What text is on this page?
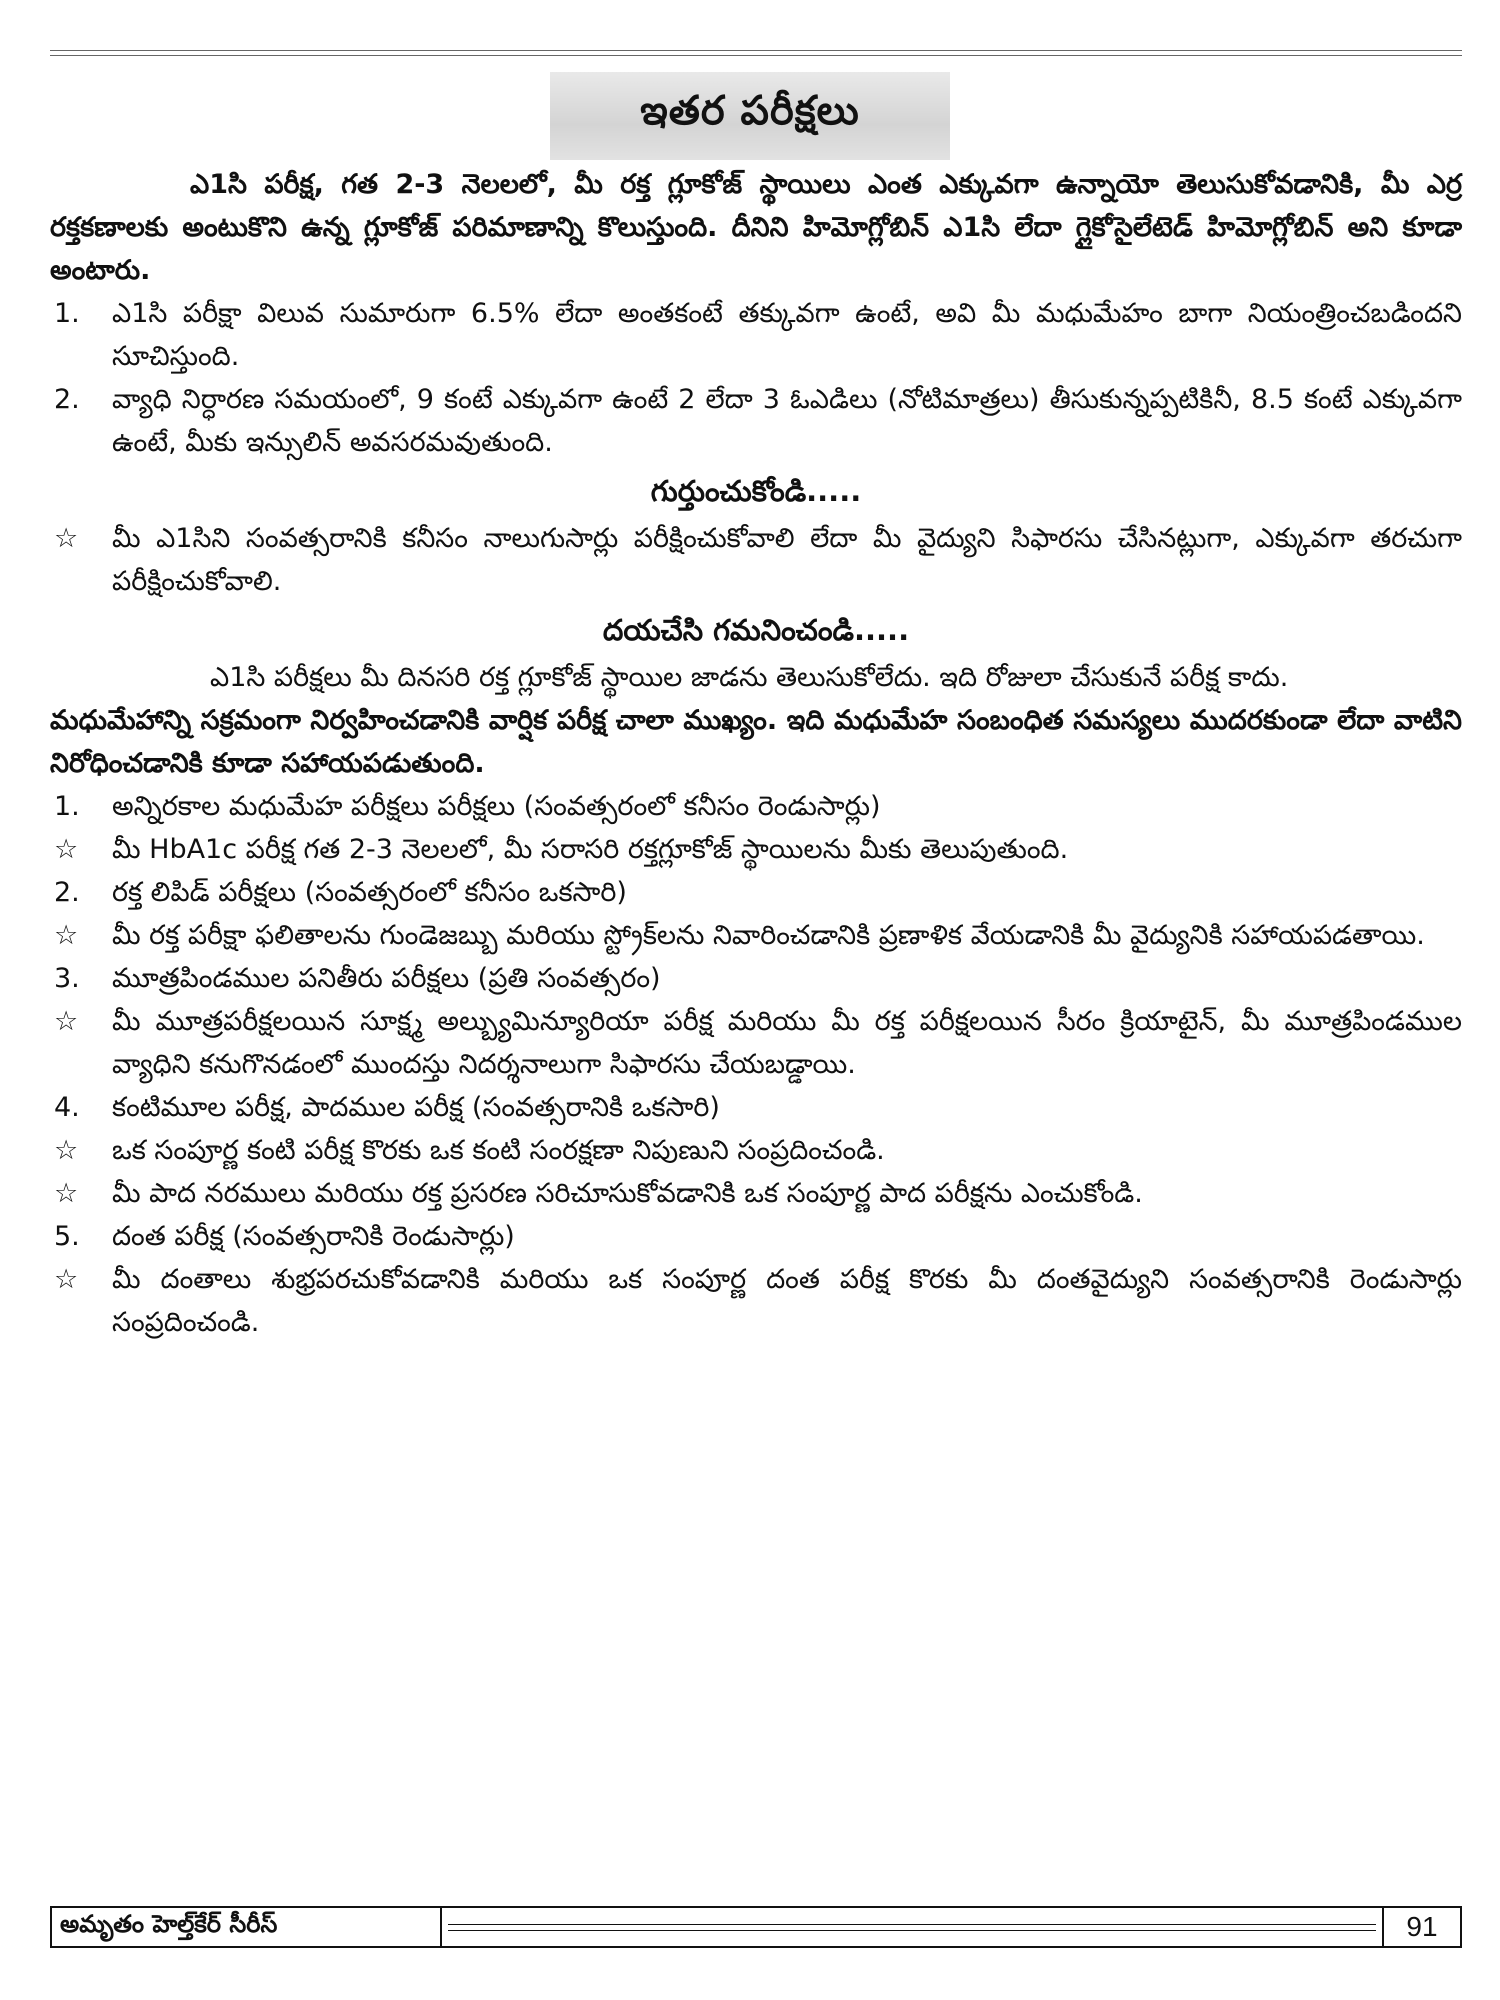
ఇతర పరీక్షలు

ఎ1సి పరీక్ష, గత 2-3 నెలలలో, మీ రక్త గ్లూకోజ్ స్థాయిలు ఎంత ఎక్కువగా ఉన్నాయో తెలుసుకోవడానికి, మీ ఎర్ర రక్తకణాలకు అంటుకొని ఉన్న గ్లూకోజ్ పరిమాణాన్ని కొలుస్తుంది. దీనిని హిమోగ్లోబిన్ ఎ1సి లేదా గ్లైకోసైలేటెడ్ హిమోగ్లోబిన్ అని కూడా అంటారు.

1.	ఎ1సి పరీక్షా విలువ సుమారుగా 6.5% లేదా అంతకంటే తక్కువగా ఉంటే, అవి మీ మధుమేహం బాగా నియంత్రించబడిందని సూచిస్తుంది.
2.	వ్యాధి నిర్ధారణ సమయంలో, 9 కంటే ఎక్కువగా ఉంటే 2 లేదా 3 ఓఎడిలు (నోటిమాత్రలు) తీసుకున్నప్పటికినీ, 8.5 కంటే ఎక్కువగా ఉంటే, మీకు ఇన్సులిన్ అవసరమవుతుంది.
గుర్తుంచుకోండి.....
☆	మీ ఎ1సిని సంవత్సరానికి కనీసం నాలుగుసార్లు పరీక్షించుకోవాలి లేదా మీ వైద్యుని సిఫారసు చేసినట్లుగా, ఎక్కువగా తరచుగా పరీక్షించుకోవాలి.
దయచేసి గమనించండి.....

ఎ1సి పరీక్షలు మీ దినసరి రక్త గ్లూకోజ్ స్థాయిల జాడను తెలుసుకోలేదు. ఇది రోజులా చేసుకునే పరీక్ష కాదు.

మధుమేహాన్ని సక్రమంగా నిర్వహించడానికి వార్షిక పరీక్ష చాలా ముఖ్యం. ఇది మధుమేహ సంబంధిత సమస్యలు ముదరకుండా లేదా వాటిని నిరోధించడానికి కూడా సహాయపడుతుంది.

1.	అన్నిరకాల మధుమేహ పరీక్షలు పరీక్షలు (సంవత్సరంలో కనీసం రెండుసార్లు)
☆	మీ HbA1c పరీక్ష గత 2-3 నెలలలో, మీ సరాసరి రక్తగ్లూకోజ్ స్థాయిలను మీకు తెలుపుతుంది.
2.	రక్త లిపిడ్ పరీక్షలు (సంవత్సరంలో కనీసం ఒకసారి)
☆	మీ రక్త పరీక్షా ఫలితాలను గుండెజబ్బు మరియు స్ట్రోక్‌లను నివారించడానికి ప్రణాళిక వేయడానికి మీ వైద్యునికి సహాయపడతాయి.
3.	మూత్రపిండముల పనితీరు పరీక్షలు (ప్రతి సంవత్సరం)
☆	మీ మూత్రపరీక్షలయిన సూక్ష్మ అల్బ్యుమిన్యూరియా పరీక్ష మరియు మీ రక్త పరీక్షలయిన సీరం క్రియాటైన్, మీ మూత్రపిండముల వ్యాధిని కనుగొనడంలో ముందస్తు నిదర్శనాలుగా సిఫారసు చేయబడ్డాయి.
4.	కంటిమూల పరీక్ష, పాదముల పరీక్ష (సంవత్సరానికి ఒకసారి)
☆	ఒక సంపూర్ణ కంటి పరీక్ష కొరకు ఒక కంటి సంరక్షణా నిపుణుని సంప్రదించండి.
☆	మీ పాద నరములు మరియు రక్త ప్రసరణ సరిచూసుకోవడానికి ఒక సంపూర్ణ పాద పరీక్షను ఎంచుకోండి.
5.	దంత పరీక్ష (సంవత్సరానికి రెండుసార్లు)
☆	మీ దంతాలు శుభ్రపరచుకోవడానికి మరియు ఒక సంపూర్ణ దంత పరీక్ష కొరకు మీ దంతవైద్యుని సంవత్సరానికి రెండుసార్లు సంప్రదించండి.
అమృతం హెల్త్‌కేర్ సీరీస్	91
